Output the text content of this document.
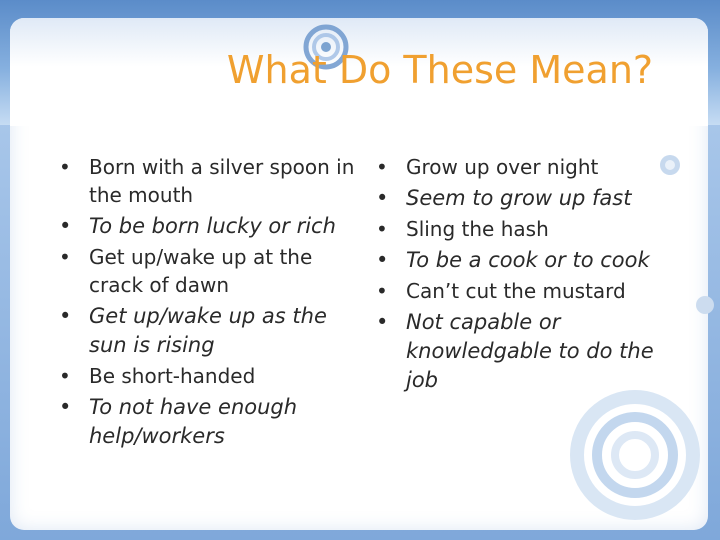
What Do These Mean?
• Born with a silver spoon in the mouth
• To be born lucky or rich
• Get up/wake up at the crack of dawn
• Get up/wake up as the sun is rising
• Be short-handed
• To not have enough help/workers
• Grow up over night
• Seem to grow up fast
• Sling the hash
• To be a cook or to cook
• Can’t cut the mustard
• Not capable or knowledgable to do the job
